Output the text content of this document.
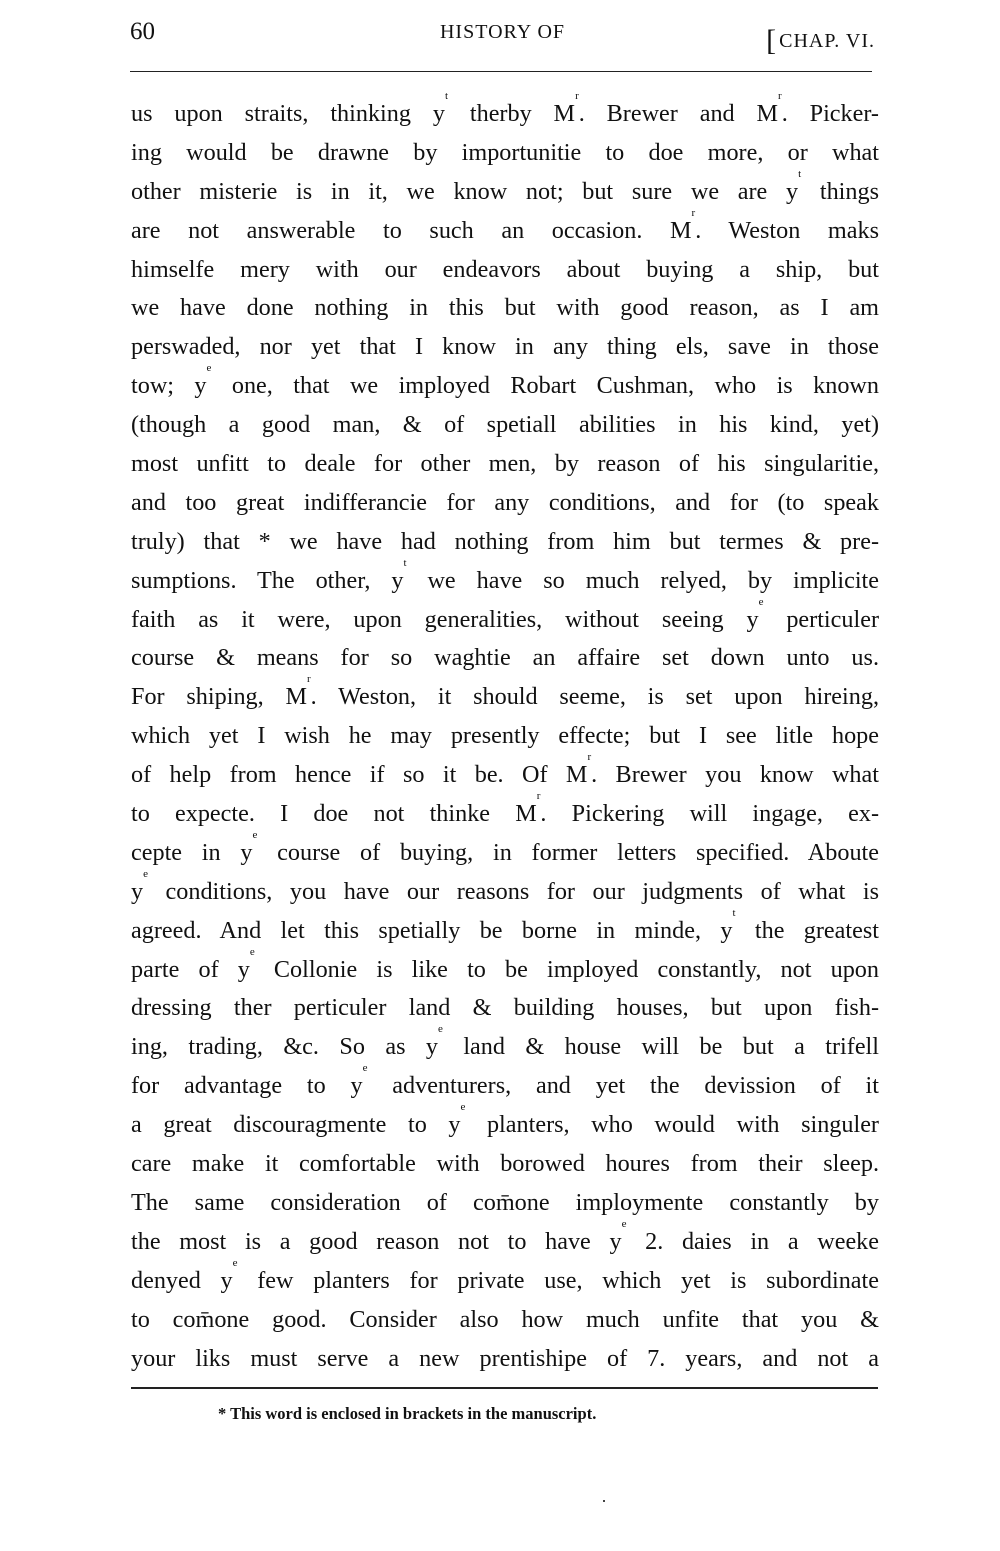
60	HISTORY OF	[ CHAP. VI.
us upon straits, thinking $y^t$ therby $M^r$. Brewer and $M^r$. Picker-
ing would be drawne by importunitie to doe more, or what
other misterie is in it, we know not; but sure we are $y^t$ things
are not answerable to such an occasion. $M^r$. Weston maks
himselfe mery with our endeavors about buying a ship, but
we have done nothing in this but with good reason, as I am
perswaded, nor yet that I know in any thing els, save in those
tow; $y^e$ one, that we imployed Robart Cushman, who is known
(though a good man, & of spetiall abilities in his kind, yet)
most unfitt to deale for other men, by reason of his singularitie,
and too great indifferancie for any conditions, and for (to speak
truly) that * we have had nothing from him but termes & pre-
sumptions. The other, $y^t$ we have so much relyed, by implicite
faith as it were, upon generalities, without seeing $y^e$ perticuler
course & means for so waghtie an affaire set down unto us.
For shiping, $M^r$. Weston, it should seeme, is set upon hireing,
which yet I wish he may presently effecte; but I see litle hope
of help from hence if so it be. Of $M^r$. Brewer you know what
to expecte. I doe not thinke $M^r$. Pickering will ingage, ex-
cepte in $y^e$ course of buying, in former letters specified. Aboute
$y^e$ conditions, you have our reasons for our judgments of what is
agreed. And let this spetially be borne in minde, $y^t$ the greatest
parte of $y^e$ Collonie is like to be imployed constantly, not upon
dressing ther perticuler land & building houses, but upon fish-
ing, trading, &c. So as $y^e$ land & house will be but a trifell
for advantage to $y^e$ adventurers, and yet the devission of it
a great discouragmente to $y^e$ planters, who would with singuler
care make it comfortable with borowed houres from their sleep.
The same consideration of com̄one imploymente constantly by
the most is a good reason not to have $y^e$ 2. daies in a weeke
denyed $y^e$ few planters for private use, which yet is subordinate
to com̄one good. Consider also how much unfite that you &
your liks must serve a new prentishipe of 7. years, and not a
* This word is enclosed in brackets in the manuscript.
